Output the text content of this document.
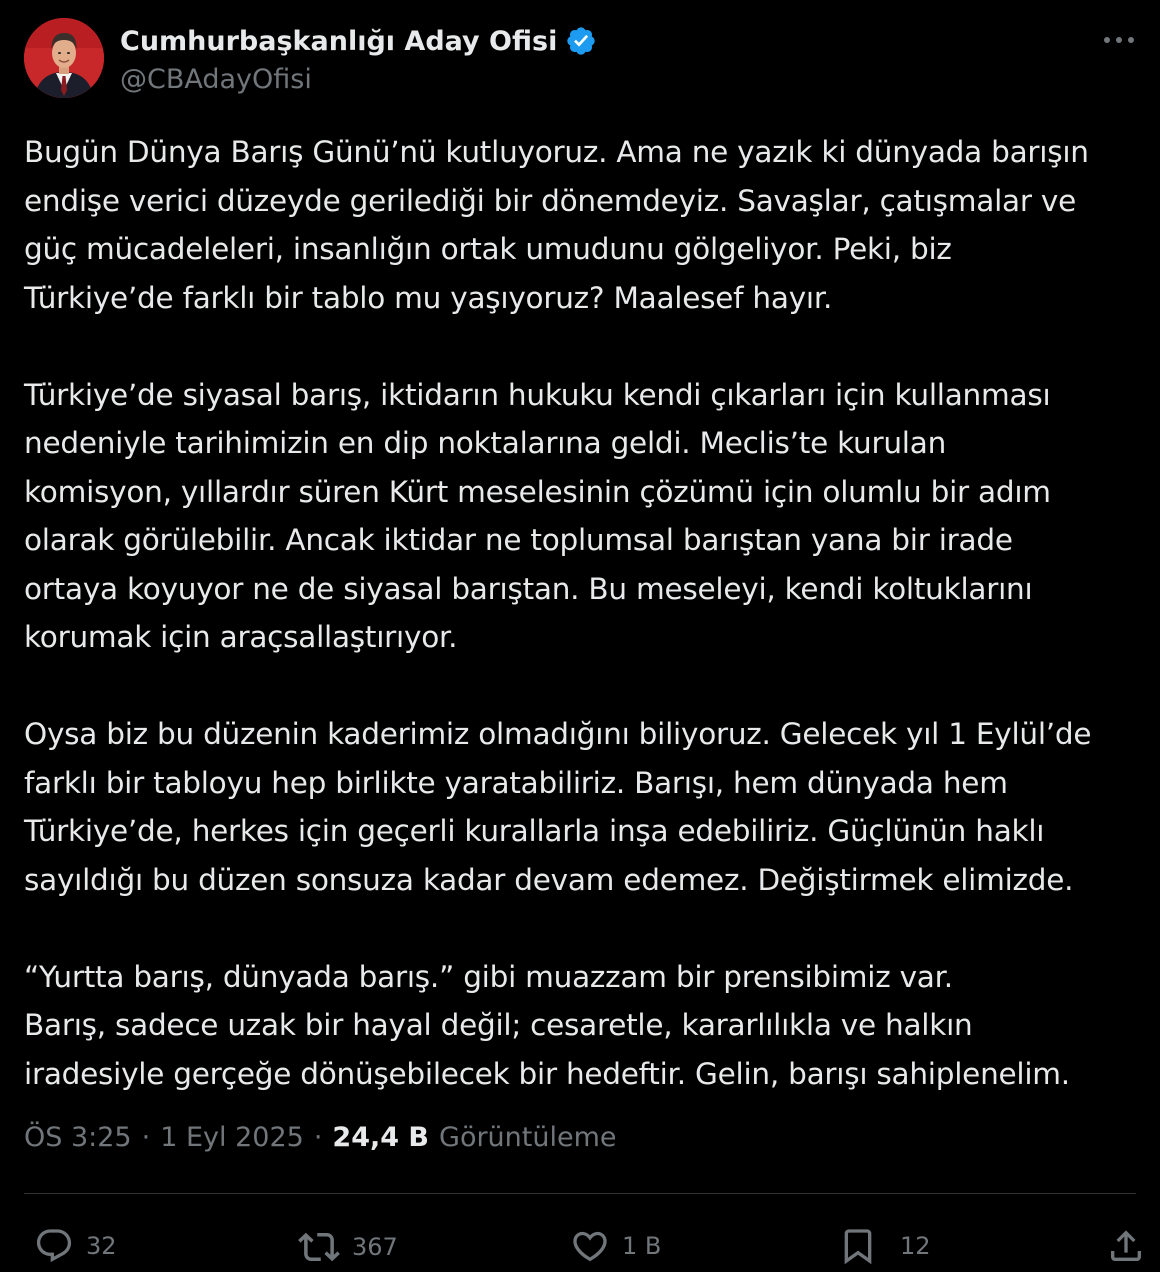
Cumhurbaşkanlığı Aday Ofisi
@CBAdayOfisi

Bugün Dünya Barış Günü’nü kutluyoruz. Ama ne yazık ki dünyada barışın
endişe verici düzeyde gerilediği bir dönemdeyiz. Savaşlar, çatışmalar ve
güç mücadeleleri, insanlığın ortak umudunu gölgeliyor. Peki, biz
Türkiye’de farklı bir tablo mu yaşıyoruz? Maalesef hayır.

Türkiye’de siyasal barış, iktidarın hukuku kendi çıkarları için kullanması
nedeniyle tarihimizin en dip noktalarına geldi. Meclis’te kurulan
komisyon, yıllardır süren Kürt meselesinin çözümü için olumlu bir adım
olarak görülebilir. Ancak iktidar ne toplumsal barıştan yana bir irade
ortaya koyuyor ne de siyasal barıştan. Bu meseleyi, kendi koltuklarını
korumak için araçsallaştırıyor.

Oysa biz bu düzenin kaderimiz olmadığını biliyoruz. Gelecek yıl 1 Eylül’de
farklı bir tabloyu hep birlikte yaratabiliriz. Barışı, hem dünyada hem
Türkiye’de, herkes için geçerli kurallarla inşa edebiliriz. Güçlünün haklı
sayıldığı bu düzen sonsuza kadar devam edemez. Değiştirmek elimizde.

“Yurtta barış, dünyada barış.” gibi muazzam bir prensibimiz var.
Barış, sadece uzak bir hayal değil; cesaretle, kararlılıkla ve halkın
iradesiyle gerçeğe dönüşebilecek bir hedeftir. Gelin, barışı sahiplenelim.

ÖS 3:25 · 1 Eyl 2025 · 24,4 B Görüntüleme
32	367	1 B	12
